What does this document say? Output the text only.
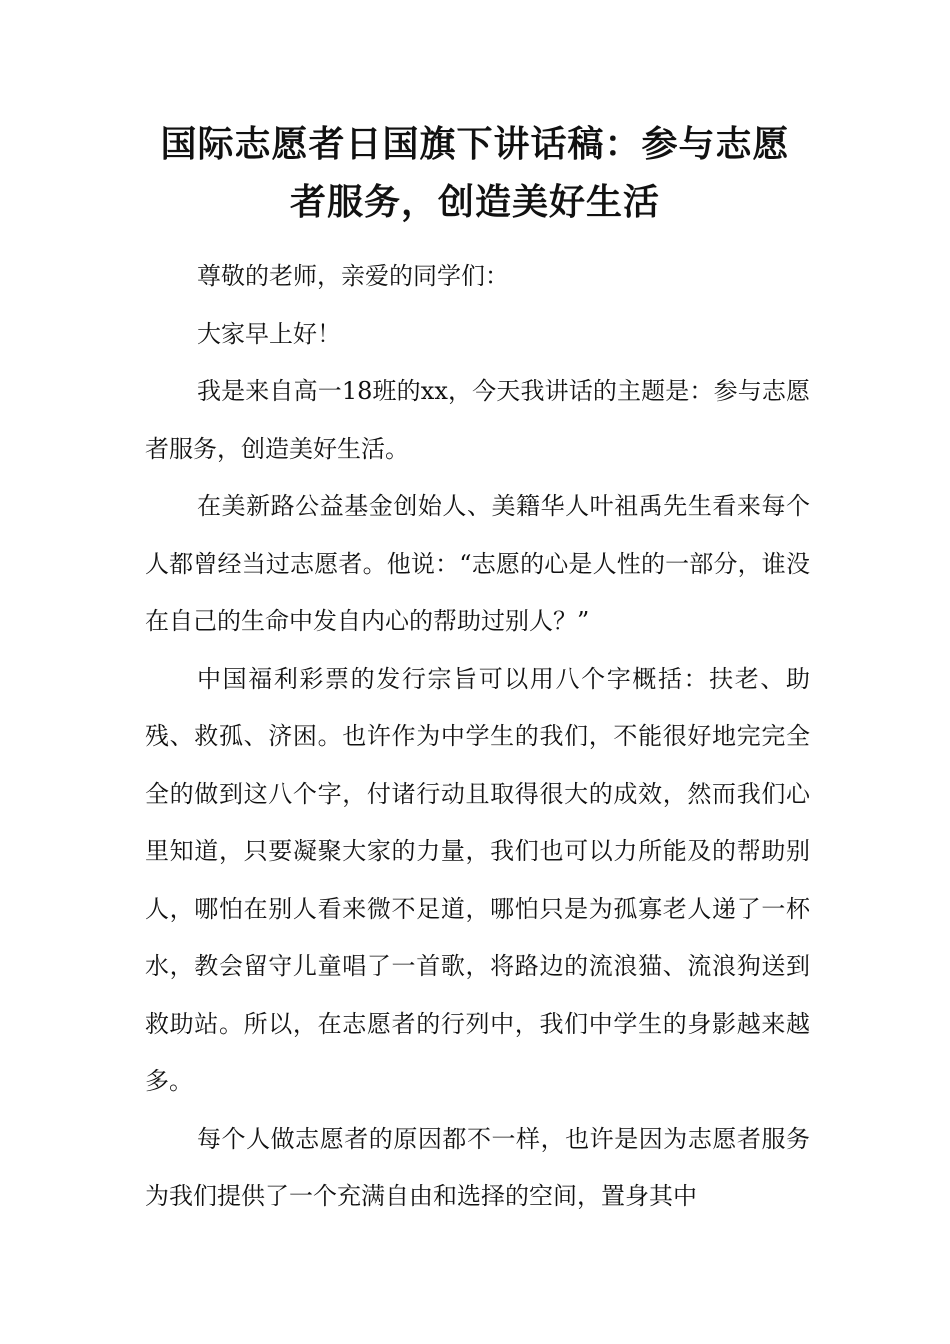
国际志愿者日国旗下讲话稿：参与志愿
者服务，创造美好生活

尊敬的老师，亲爱的同学们：

大家早上好！

我是来自高一18班的xx，今天我讲话的主题是：参与志愿者服务，创造美好生活。

在美新路公益基金创始人、美籍华人叶祖禹先生看来每个人都曾经当过志愿者。他说：“志愿的心是人性的一部分，谁没在自己的生命中发自内心的帮助过别人？”

中国福利彩票的发行宗旨可以用八个字概括：扶老、助残、救孤、济困。也许作为中学生的我们，不能很好地完完全全的做到这八个字，付诸行动且取得很大的成效，然而我们心里知道，只要凝聚大家的力量，我们也可以力所能及的帮助别人，哪怕在别人看来微不足道，哪怕只是为孤寡老人递了一杯水，教会留守儿童唱了一首歌，将路边的流浪猫、流浪狗送到救助站。所以，在志愿者的行列中，我们中学生的身影越来越多。

每个人做志愿者的原因都不一样，也许是因为志愿者服务为我们提供了一个充满自由和选择的空间，置身其中
